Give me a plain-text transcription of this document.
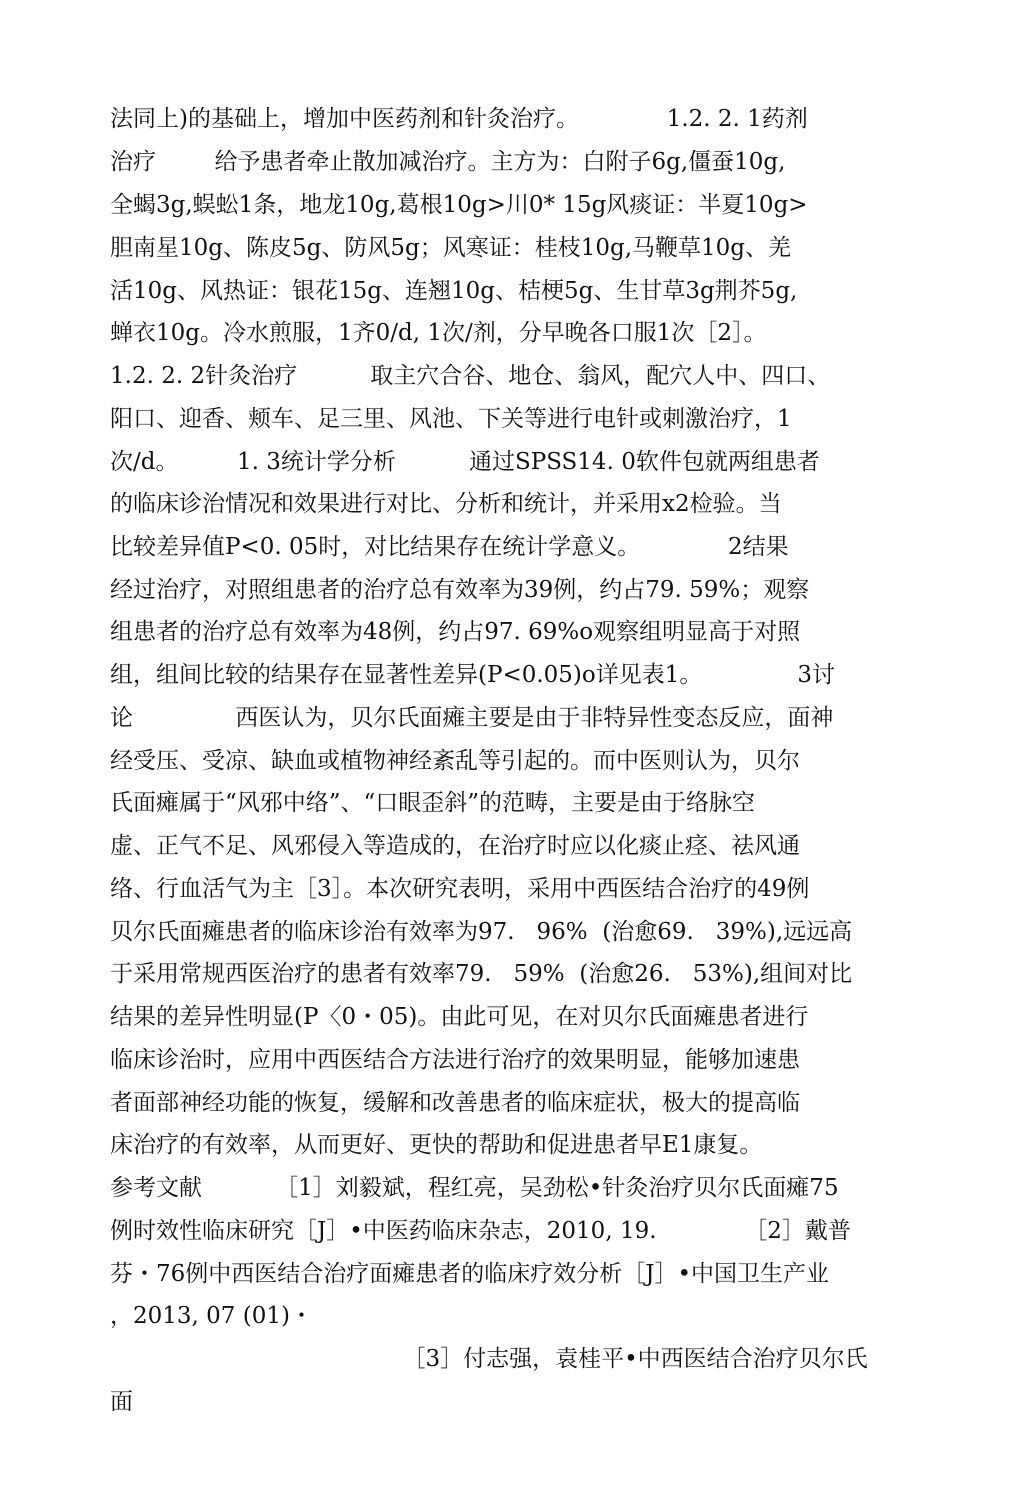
法同上)的基础上，增加中医药剂和针灸治疗。            1.2. 2. 1药剂
治疗        给予患者牵止散加减治疗。主方为：白附子6g,僵蚕10g,
全蝎3g,蜈蚣1条，地龙10g,葛根10g>川0* 15g风痰证：半夏10g>
胆南星10g、陈皮5g、防风5g；风寒证：桂枝10g,马鞭草10g、羌
活10g、风热证：银花15g、连翘10g、桔梗5g、生甘草3g荆芥5g,
蝉衣10g。冷水煎服，1齐0/d, 1次/剂，分早晚各口服1次［2］。
1.2. 2. 2针灸治疗          取主穴合谷、地仓、翁风，配穴人中、四口、
阳口、迎香、颊车、足三里、风池、下关等进行电针或刺激治疗，1
次/d。        1. 3统计学分析          通过SPSS14. 0软件包就两组患者
的临床诊治情况和效果进行对比、分析和统计，并采用x2检验。当
比较差异值P<0. 05时，对比结果存在统计学意义。            2结果
经过治疗，对照组患者的治疗总有效率为39例，约占79. 59%；观察
组患者的治疗总有效率为48例，约占97. 69%o观察组明显高于对照
组，组间比较的结果存在显著性差异(P<0.05)o详见表1。             3讨
论              西医认为，贝尔氏面瘫主要是由于非特异性变态反应，面神
经受压、受凉、缺血或植物神经紊乱等引起的。而中医则认为，贝尔
氏面瘫属于“风邪中络”、“口眼歪斜”的范畴，主要是由于络脉空
虚、正气不足、风邪侵入等造成的，在治疗时应以化痰止痉、祛风通
络、行血活气为主［3］。本次研究表明，采用中西医结合治疗的49例
贝尔氏面瘫患者的临床诊治有效率为97.   96%  (治愈69.   39%),远远高
于采用常规西医治疗的患者有效率79.   59%  (治愈26.   53%),组间对比
结果的差异性明显(P〈0・05)。由此可见，在对贝尔氏面瘫患者进行
临床诊治时，应用中西医结合方法进行治疗的效果明显，能够加速患
者面部神经功能的恢复，缓解和改善患者的临床症状，极大的提高临
床治疗的有效率，从而更好、更快的帮助和促进患者早E1康复。
参考文献          ［1］刘毅斌，程红亮，吴劲松•针灸治疗贝尔氏面瘫75
例时效性临床研究［J］•中医药临床杂志，2010, 19.            ［2］戴普
芬・76例中西医结合治疗面瘫患者的临床疗效分析［J］•中国卫生产业
，2013, 07 (01)・
［3］付志强，袁桂平•中西医结合治疗贝尔氏
面
